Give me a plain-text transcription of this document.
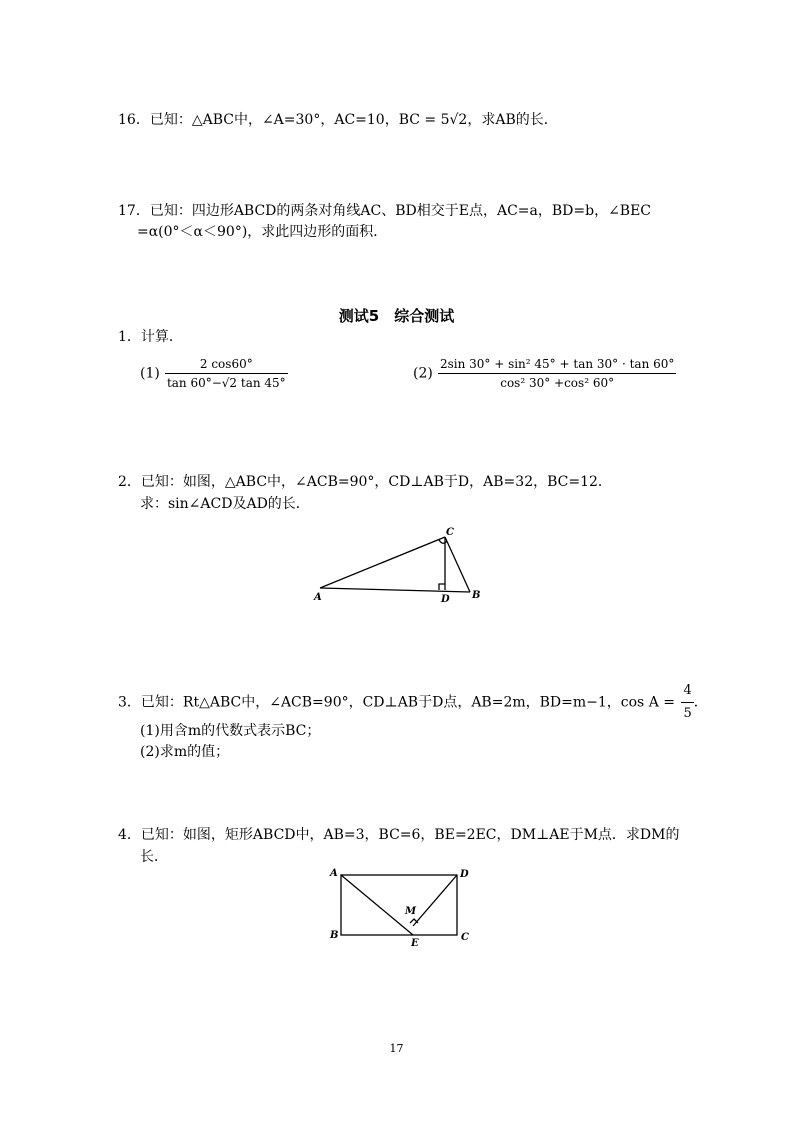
16．已知：△ABC中，∠A=30°，AC=10，BC = 5√2，求AB的长．
17．已知：四边形ABCD的两条对角线AC、BD相交于E点，AC=a，BD=b，∠BEC
=α(0°＜α＜90°)，求此四边形的面积．
测试5　综合测试
1．计算．
$(1) \frac{2 \cos 60^\circ}{\tan 60^\circ-√2 \tan 45^\circ}$	$(2) \frac{\text{2sin 30° + sin² 45° + tan 30° · tan 60°}}{\text{cos² 30° +cos² 60°}}$
2．已知：如图，△ABC中，∠ACB=90°，CD⊥AB于D，AB=32，BC=12．
求：sin∠ACD及AD的长．
C
A	D B
3．已知：Rt△ABC中，∠ACB=90°，CD⊥AB于D点，AB=2m，BD=m−1，$\cos A = \frac{4}{5}$ ．
(1)用含m的代数式表示BC；
(2)求m的值；
4．已知：如图，矩形ABCD中，AB=3，BC=6，BE=2EC，DM⊥AE于M点．求DM的
长．
A	D
B	C
E
M
17
